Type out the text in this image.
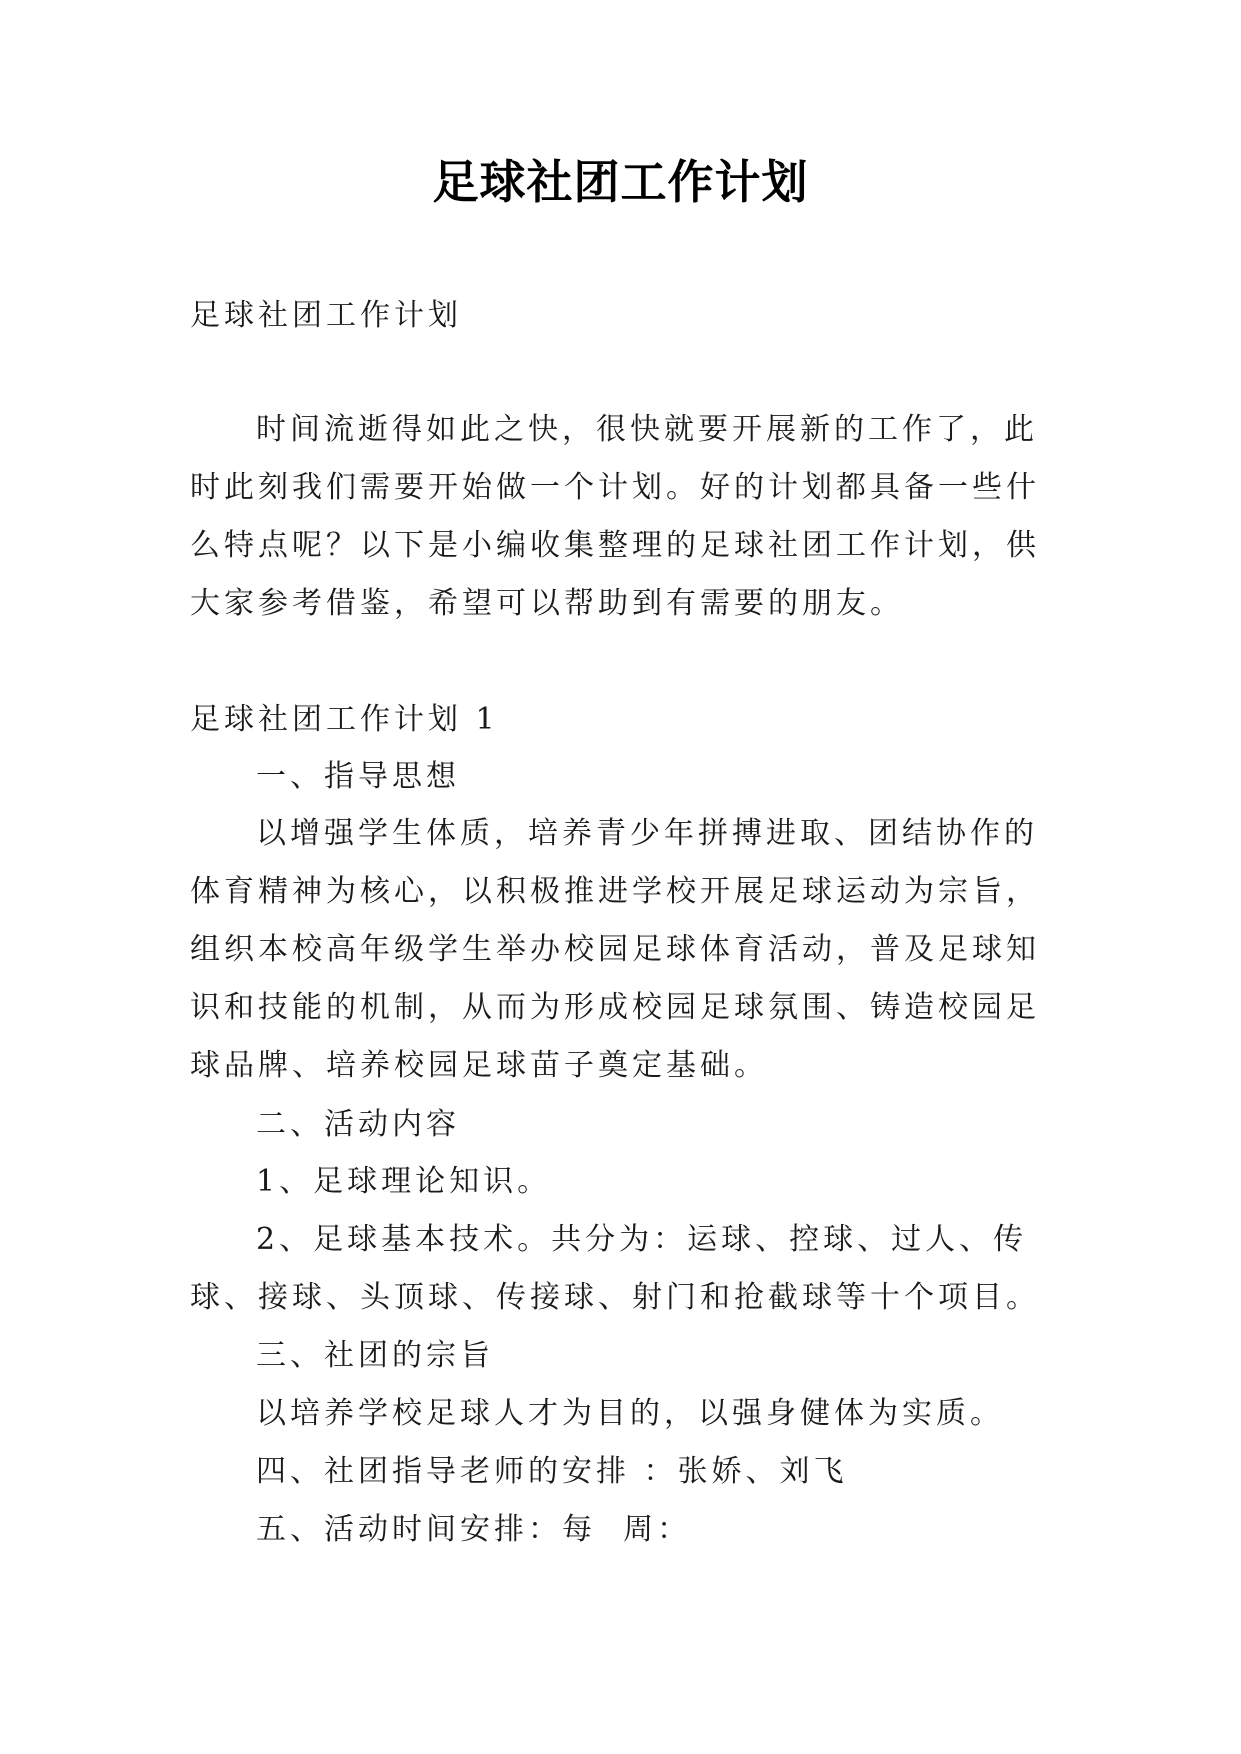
足球社团工作计划
足球社团工作计划

时间流逝得如此之快，很快就要开展新的工作了，此时此刻我们需要开始做一个计划。好的计划都具备一些什么特点呢？以下是小编收集整理的足球社团工作计划，供大家参考借鉴，希望可以帮助到有需要的朋友。

足球社团工作计划 1
一、指导思想

以增强学生体质，培养青少年拼搏进取、团结协作的体育精神为核心，以积极推进学校开展足球运动为宗旨，组织本校高年级学生举办校园足球体育活动，普及足球知识和技能的机制，从而为形成校园足球氛围、铸造校园足球品牌、培养校园足球苗子奠定基础。

二、活动内容
1、足球理论知识。

2、足球基本技术。共分为：运球、控球、过人、传球、接球、头顶球、传接球、射门和抢截球等十个项目。

三、社团的宗旨
以培养学校足球人才为目的，以强身健体为实质。
四、社团指导老师的安排 ：张娇、刘飞
五、活动时间安排：每  周：
